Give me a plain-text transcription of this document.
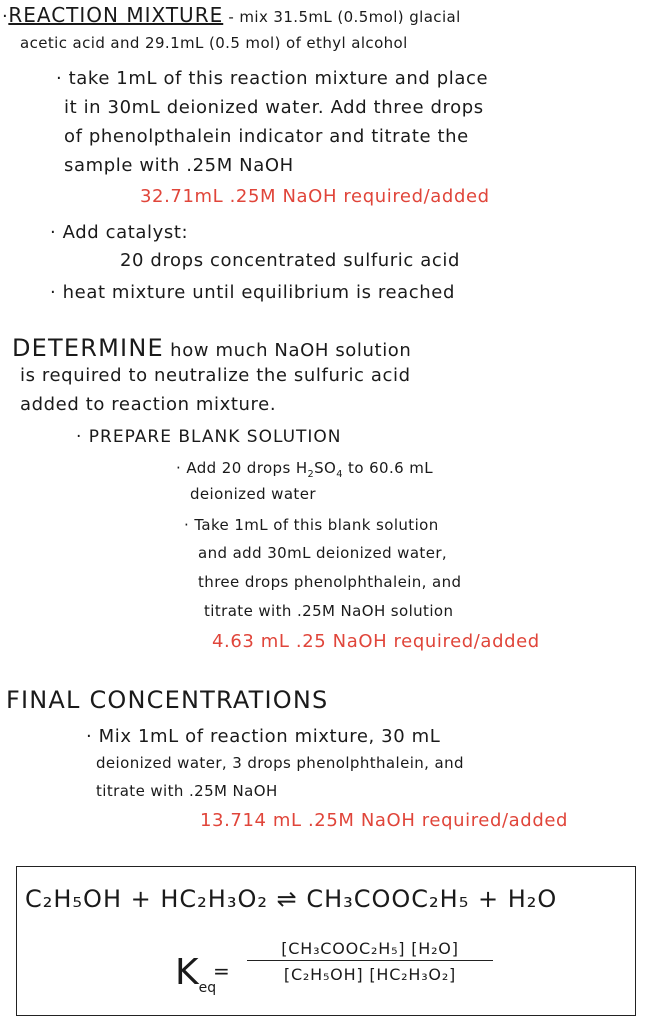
·REACTION MIXTURE - mix 31.5mL (0.5mol) glacial
acetic acid and 29.1mL (0.5 mol) of ethyl alcohol
· take 1mL of this reaction mixture and place
it in 30mL deionized water. Add three drops
of phenolpthalein indicator and titrate the
sample with .25M NaOH
32.71mL .25M NaOH required/added
· Add catalyst:
20 drops concentrated sulfuric acid
· heat mixture until equilibrium is reached
DETERMINE how much NaOH solution
is required to neutralize the sulfuric acid
added to reaction mixture.
· PREPARE BLANK SOLUTION
· Add 20 drops $H_2SO_4$ to 60.6 mL
deionized water
· Take 1mL of this blank solution
and add 30mL deionized water,
three drops phenolphthalein, and
titrate with .25M NaOH solution
4.63 mL .25 NaOH required/added
FINAL CONCENTRATIONS
· Mix 1mL of reaction mixture, 30 mL
deionized water, 3 drops phenolphthalein, and
titrate with .25M NaOH
13.714 mL .25M NaOH required/added
C₂H₅OH + HC₂H₃O₂ ⇌ CH₃COOC₂H₅ + H₂O
$K_{eq}$
=
[CH₃COOC₂H₅] [H₂O]
[C₂H₅OH] [HC₂H₃O₂]
